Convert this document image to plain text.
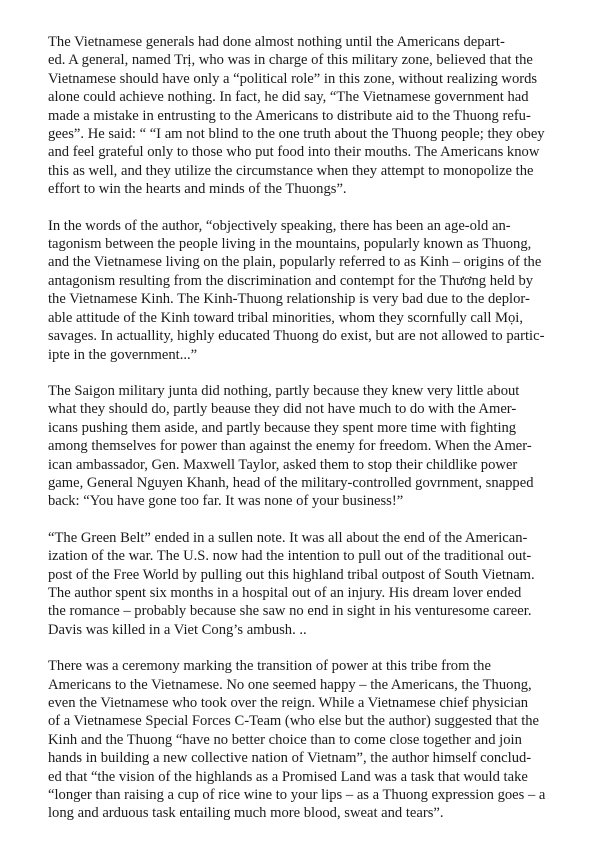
The Vietnamese generals had done almost nothing until the Americans depart-
ed. A general, named Trị, who was in charge of this military zone, believed that the
Vietnamese should have only a “political role” in this zone, without realizing words
alone could achieve nothing. In fact, he did say, “The Vietnamese government had
made a mistake in entrusting to the Americans to distribute aid to the Thuong refu-
gees”. He said: “ “I am not blind to the one truth about the Thuong people; they obey
and feel grateful only to those who put food into their mouths. The Americans know
this as well, and they utilize the circumstance when they attempt to monopolize the
effort to win the hearts and minds of the Thuongs”.

In the words of the author, “objectively speaking, there has been an age-old an-
tagonism between the people living in the mountains, popularly known as Thuong,
and the Vietnamese living on the plain, popularly referred to as Kinh – origins of the
antagonism resulting from the discrimination and contempt for the Thương held by
the Vietnamese Kinh. The Kinh-Thuong relationship is very bad due to the deplor-
able attitude of the Kinh toward tribal minorities, whom they scornfully call Mọi,
savages. In actuallity, highly educated Thuong do exist, but are not allowed to partic-
ipte in the government...”

The Saigon military junta did nothing, partly because they knew very little about
what they should do, partly beause they did not have much to do with the Amer-
icans pushing them aside, and partly because they spent more time with fighting
among themselves for power than against the enemy for freedom. When the Amer-
ican ambassador, Gen. Maxwell Taylor, asked them to stop their childlike power
game, General Nguyen Khanh, head of the military-controlled govrnment, snapped
back: “You have gone too far. It was none of your business!”

“The Green Belt” ended in a sullen note. It was all about the end of the American-
ization of the war. The U.S. now had the intention to pull out of the traditional out-
post of the Free World by pulling out this highland tribal outpost of South Vietnam.
The author spent six months in a hospital out of an injury. His dream lover ended
the romance – probably because she saw no end in sight in his venturesome career.
Davis was killed in a Viet Cong’s ambush. ..

There was a ceremony marking the transition of power at this tribe from the
Americans to the Vietnamese. No one seemed happy – the Americans, the Thuong,
even the Vietnamese who took over the reign. While a Vietnamese chief physician
of a Vietnamese Special Forces C-Team (who else but the author) suggested that the
Kinh and the Thuong “have no better choice than to come close together and join
hands in building a new collective nation of Vietnam”, the author himself conclud-
ed that “the vision of the highlands as a Promised Land was a task that would take
“longer than raising a cup of rice wine to your lips – as a Thuong expression goes – a
long and arduous task entailing much more blood, sweat and tears”.
